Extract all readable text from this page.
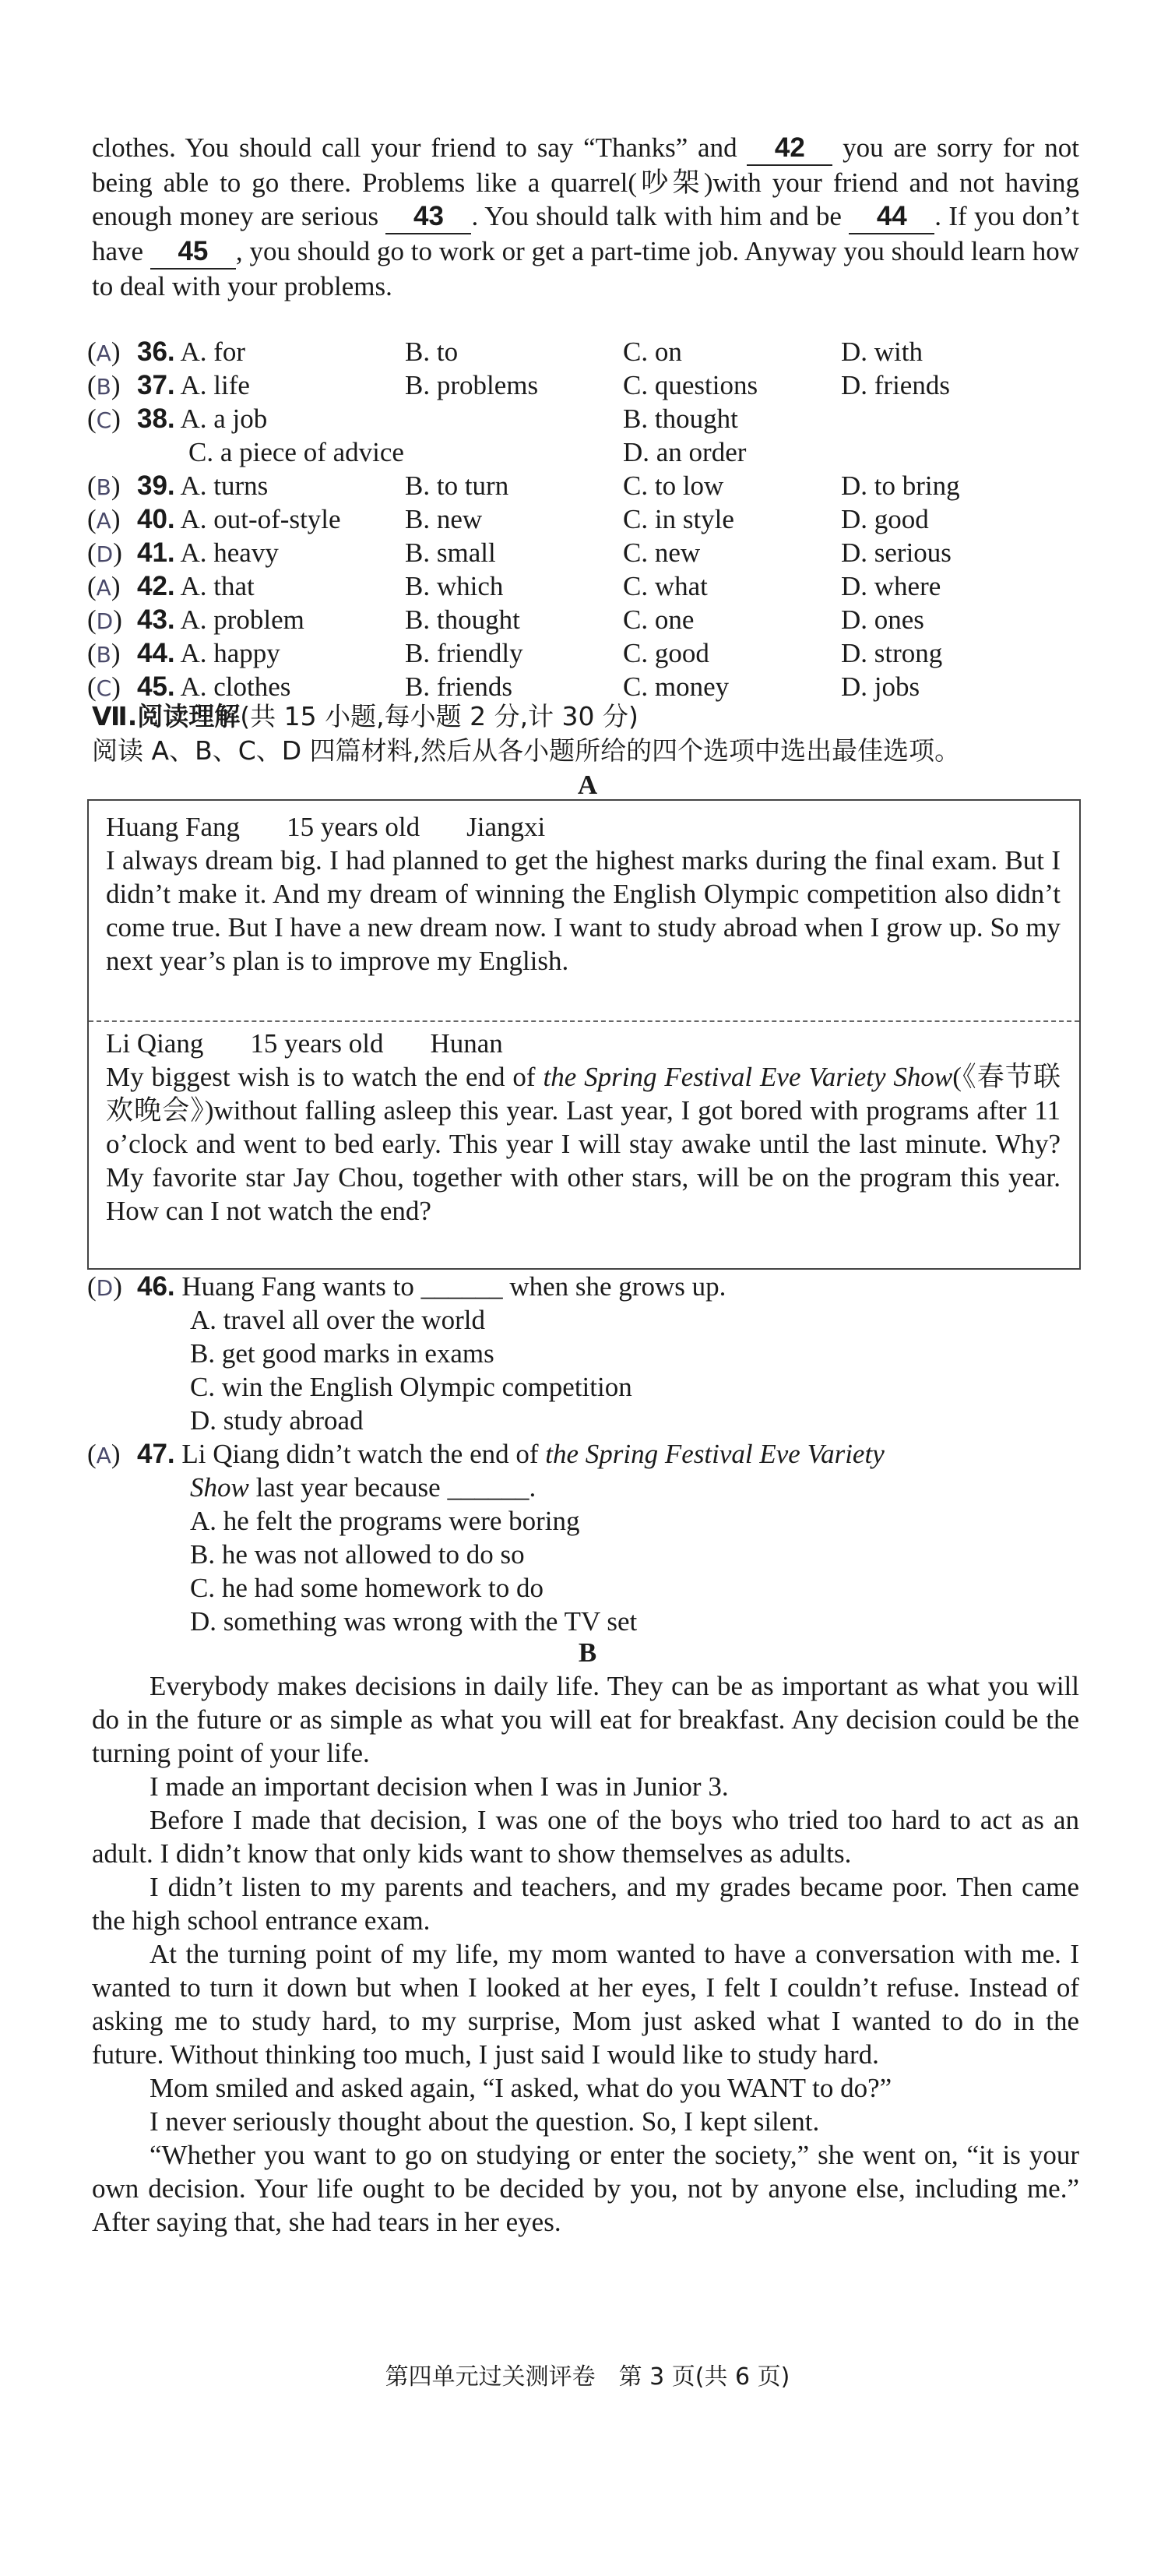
clothes. You should call your friend to say “Thanks” and 42 you are sorry for not being able to go there. Problems like a quarrel(吵架)with your friend and not having enough money are serious 43 . You should talk with him and be 44 . If you don’t have 45 , you should go to work or get a part-time job. Anyway you should learn how to deal with your problems.
(A) 36. A. for	B. to	C. on	D. with
(B) 37. A. life	B. problems	C. questions	D. friends
(C) 38. A. a job	B. thought
C. a piece of advice	D. an order
(B) 39. A. turns	B. to turn	C. to low	D. to bring
(A) 40. A. out-of-style B. new	C. in style	D. good
(D) 41. A. heavy	B. small	C. new	D. serious
(A) 42. A. that	B. which	C. what	D. where
(D) 43. A. problem	B. thought	C. one	D. ones
(B) 44. A. happy	B. friendly	C. good	D. strong
(C) 45. A. clothes	B. friends	C. money	D. jobs
Ⅶ.阅读理解(共 15 小题,每小题 2 分,计 30 分)
阅读 A、B、C、D 四篇材料,然后从各小题所给的四个选项中选出最佳选项。
A
Huang Fang 15 years old Jiangxi
I always dream big. I had planned to get the highest marks during the final exam. But I didn’t make it. And my dream of winning the English Olympic competition also didn’t come true. But I have a new dream now. I want to study abroad when I grow up. So my next year’s plan is to improve my English.
Li Qiang 15 years old Hunan
My biggest wish is to watch the end of the Spring Festival Eve Variety Show(《春节联欢晚会》)without falling asleep this year. Last year, I got bored with programs after 11 o’clock and went to bed early. This year I will stay awake until the last minute. Why? My favorite star Jay Chou, together with other stars, will be on the program this year. How can I not watch the end?
(D) 46. Huang Fang wants to ______ when she grows up.
A. travel all over the world
B. get good marks in exams
C. win the English Olympic competition
D. study abroad
(A) 47. Li Qiang didn’t watch the end of the Spring Festival Eve Variety
Show last year because ______.
A. he felt the programs were boring
B. he was not allowed to do so
C. he had some homework to do
D. something was wrong with the TV set
B
Everybody makes decisions in daily life. They can be as important as what you will do in the future or as simple as what you will eat for breakfast. Any decision could be the turning point of your life.
I made an important decision when I was in Junior 3.
Before I made that decision, I was one of the boys who tried too hard to act as an adult. I didn’t know that only kids want to show themselves as adults.
I didn’t listen to my parents and teachers, and my grades became poor. Then came the high school entrance exam.
At the turning point of my life, my mom wanted to have a conversation with me. I wanted to turn it down but when I looked at her eyes, I felt I couldn’t refuse. Instead of asking me to study hard, to my surprise, Mom just asked what I wanted to do in the future. Without thinking too much, I just said I would like to study hard.
Mom smiled and asked again, “I asked, what do you WANT to do?”
I never seriously thought about the question. So, I kept silent.
“Whether you want to go on studying or enter the society,” she went on, “it is your own decision. Your life ought to be decided by you, not by anyone else, including me.” After saying that, she had tears in her eyes.
第四单元过关测评卷　第 3 页(共 6 页)
